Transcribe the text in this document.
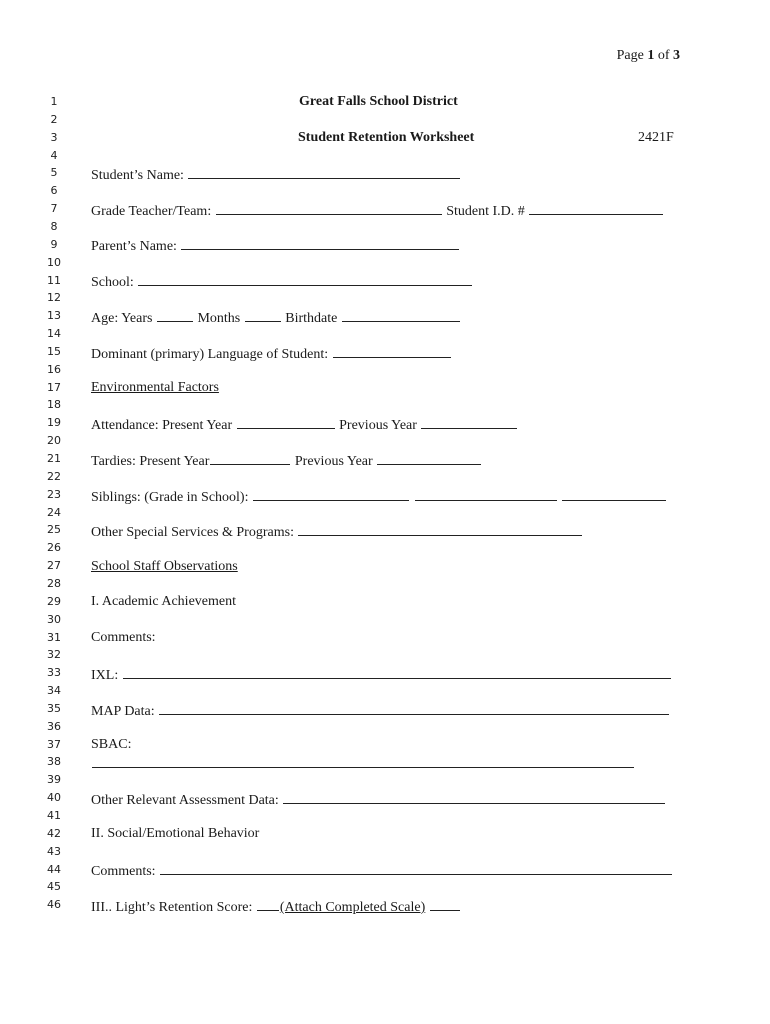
Page 1 of 3
1
2
3
4
5
6
7
8
9
10
11
12
13
14
15
16
17
18
19
20
21
22
23
24
25
26
27
28
29
30
31
32
33
34
35
36
37
38
39
40
41
42
43
44
45
46
Great Falls School District
Student Retention Worksheet	2421F
Student’s Name:
Grade Teacher/Team:	Student I.D. #
Parent’s Name:
School:
Age: Years	Months	Birthdate
Dominant (primary) Language of Student:
Environmental Factors
Attendance: Present Year	Previous Year
Tardies: Present Year	Previous Year
Siblings: (Grade in School):
Other Special Services & Programs:
School Staff Observations
I. Academic Achievement
Comments:
IXL:
MAP Data:
SBAC:
Other Relevant Assessment Data:
II. Social/Emotional Behavior
Comments:
III.. Light’s Retention Score: (Attach Completed Scale)
